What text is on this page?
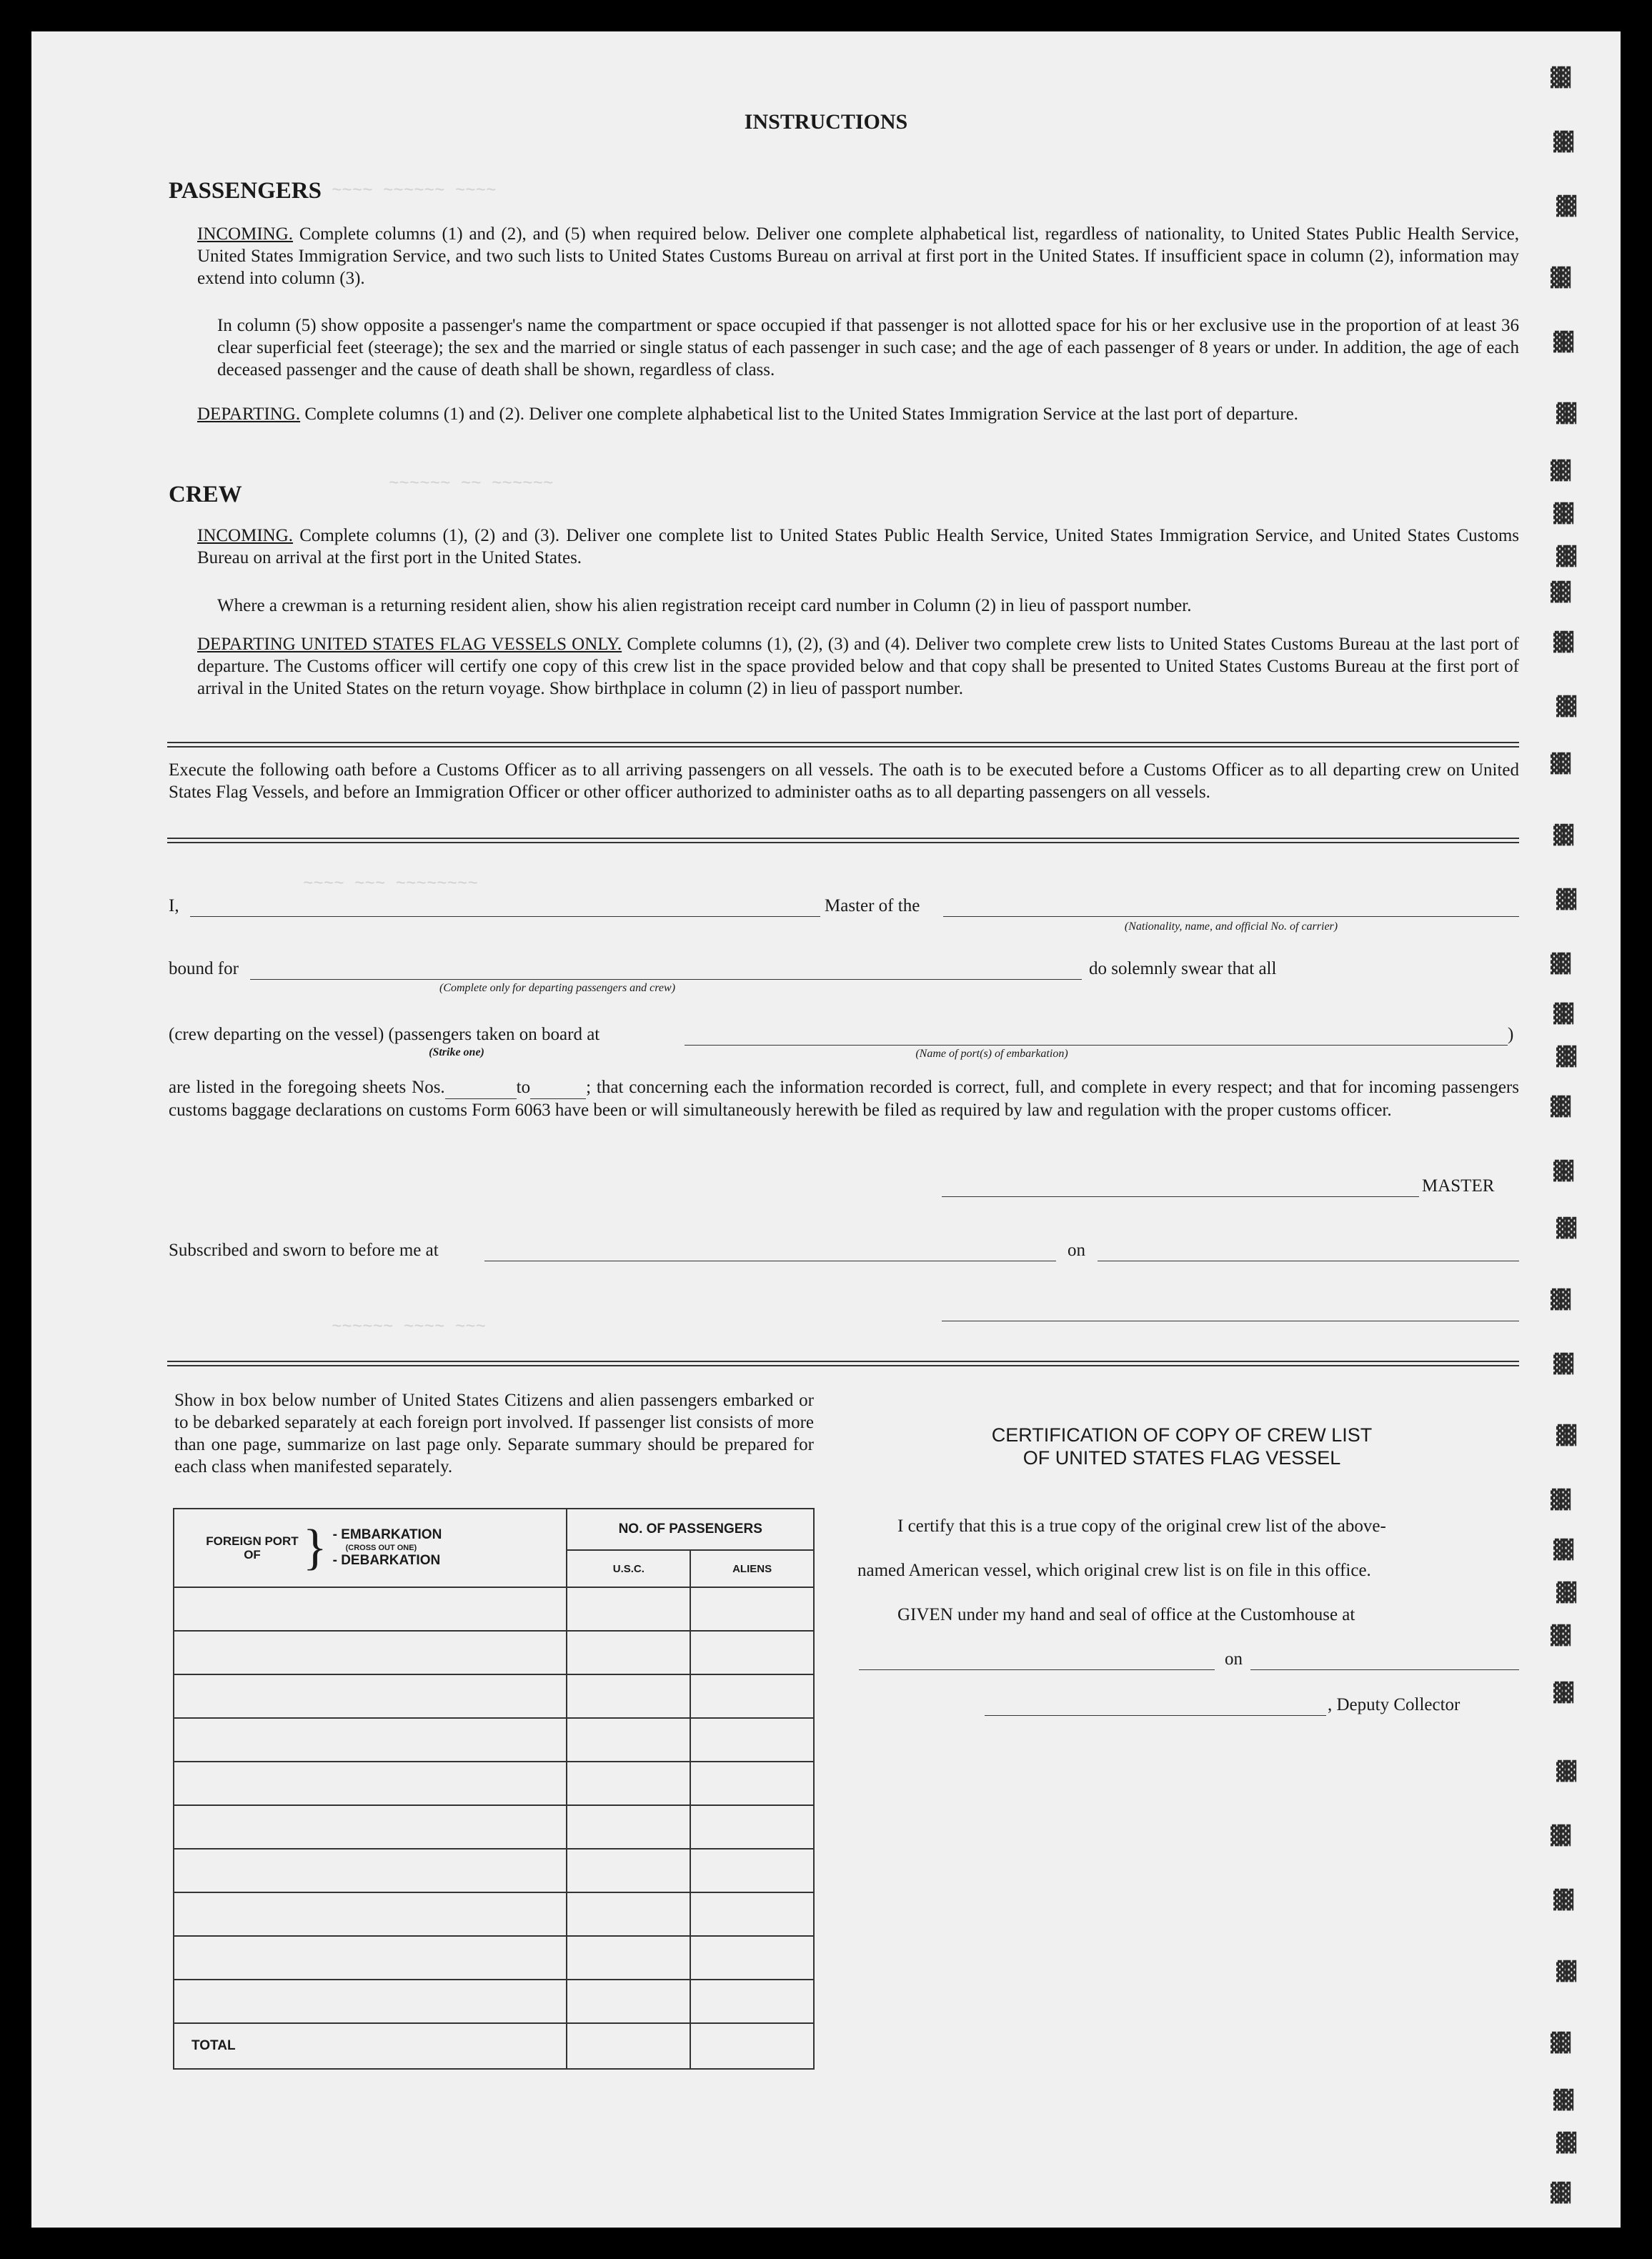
~~~~ ~~~~~~ ~~~~
~~~~~~ ~~ ~~~~~~
~~~~ ~~~ ~~~~~~~~
~~~~~~ ~~~~ ~~~
INSTRUCTIONS
PASSENGERS
INCOMING. Complete columns (1) and (2), and (5) when required below. Deliver one complete alphabetical list, regardless of nationality, to United States Public Health Service, United States Immigration Service, and two such lists to United States Customs Bureau on arrival at first port in the United States. If insufficient space in column (2), information may extend into column (3).
In column (5) show opposite a passenger's name the compartment or space occupied if that passenger is not allotted space for his or her exclusive use in the proportion of at least 36 clear superficial feet (steerage); the sex and the married or single status of each passenger in such case; and the age of each passenger of 8 years or under. In addition, the age of each deceased passenger and the cause of death shall be shown, regardless of class.
DEPARTING. Complete columns (1) and (2). Deliver one complete alphabetical list to the United States Immigration Service at the last port of departure.
CREW
INCOMING. Complete columns (1), (2) and (3). Deliver one complete list to United States Public Health Service, United States Immigration Service, and United States Customs Bureau on arrival at the first port in the United States.
Where a crewman is a returning resident alien, show his alien registration receipt card number in Column (2) in lieu of passport number.
DEPARTING UNITED STATES FLAG VESSELS ONLY. Complete columns (1), (2), (3) and (4). Deliver two complete crew lists to United States Customs Bureau at the last port of departure. The Customs officer will certify one copy of this crew list in the space provided below and that copy shall be presented to United States Customs Bureau at the first port of arrival in the United States on the return voyage. Show birthplace in column (2) in lieu of passport number.
Execute the following oath before a Customs Officer as to all arriving passengers on all vessels. The oath is to be executed before a Customs Officer as to all departing crew on United States Flag Vessels, and before an Immigration Officer or other officer authorized to administer oaths as to all departing passengers on all vessels.
I,	Master of the
(Nationality, name, and official No. of carrier)
bound for
(Complete only for departing passengers and crew)
do solemnly swear that all
(crew departing on the vessel) (passengers taken on board at
(Strike one)	(Name of port(s) of embarkation)
)
are listed in the foregoing sheets Nos.	to	; that concerning each the information recorded is correct, full, and complete in every respect; and that for incoming passengers customs baggage declarations on customs Form 6063 have been or will simultaneously herewith be filed as required by law and regulation with the proper customs officer.
MASTER
Subscribed and sworn to before me at	on
Show in box below number of United States Citizens and alien passengers embarked or to be debarked separately at each foreign port involved. If passenger list consists of more than one page, summarize on last page only. Separate summary should be prepared for each class when manifested separately.
FOREIGN PORT OF } - EMBARKATION
(CROSS OUT ONE)
- DEBARKATION	NO. OF PASSENGERS	
	U.S.C.	ALIENS

TOTAL		
CERTIFICATION OF COPY OF CREW LIST
OF UNITED STATES FLAG VESSEL
I certify that this is a true copy of the original crew list of the above-
named American vessel, which original crew list is on file in this office.
GIVEN under my hand and seal of office at the Customhouse at
on
, Deputy Collector
▓▓
▓▓
▓▓
▓▓
▓▓
▓▓
▓▓
▓▓
▓▓
▓▓
▓▓
▓▓
▓▓
▓▓
▓▓
▓▓
▓▓
▓▓
▓▓
▓▓
▓▓
▓▓
▓▓
▓▓
▓▓
▓▓
▓▓
▓▓
▓▓
▓▓
▓▓
▓▓
▓▓
▓▓
▓▓
▓▓
▓▓
